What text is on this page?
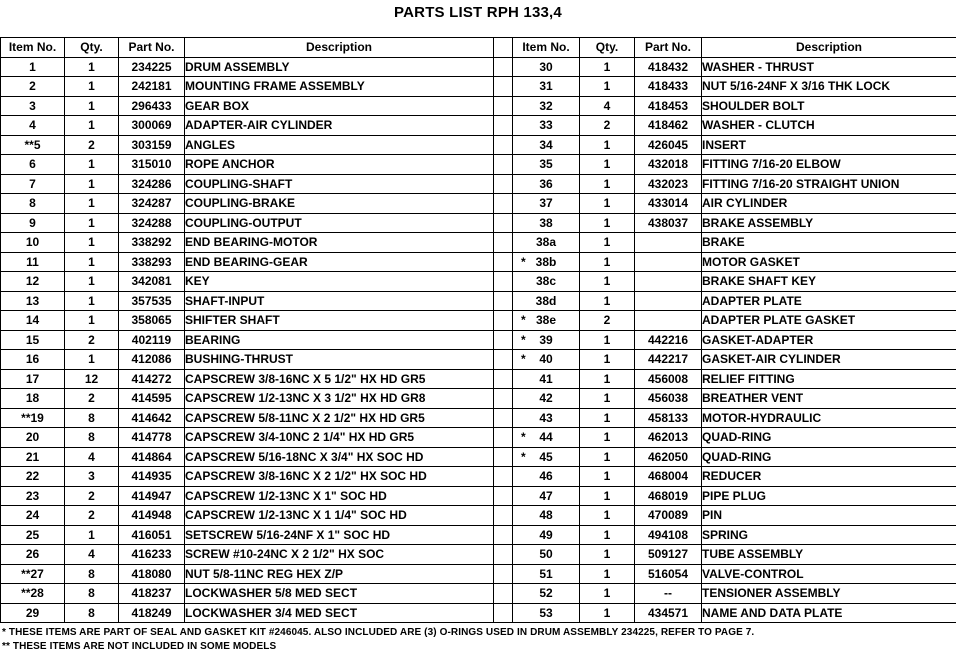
PARTS LIST RPH 133,4
Item No.	Qty.	Part No.	Description		Item No.	Qty.	Part No.	Description
1	1	234225	DRUM ASSEMBLY		30	1	418432	WASHER - THRUST
2	1	242181	MOUNTING FRAME ASSEMBLY		31	1	418433	NUT 5/16-24NF X 3/16 THK LOCK
3	1	296433	GEAR BOX		32	4	418453	SHOULDER BOLT
4	1	300069	ADAPTER-AIR CYLINDER		33	2	418462	WASHER - CLUTCH
**5	2	303159	ANGLES		34	1	426045	INSERT
6	1	315010	ROPE ANCHOR		35	1	432018	FITTING 7/16-20 ELBOW
7	1	324286	COUPLING-SHAFT		36	1	432023	FITTING 7/16-20 STRAIGHT UNION
8	1	324287	COUPLING-BRAKE		37	1	433014	AIR CYLINDER
9	1	324288	COUPLING-OUTPUT		38	1	438037	BRAKE ASSEMBLY
10	1	338292	END BEARING-MOTOR		38a	1		BRAKE
11	1	338293	END BEARING-GEAR		* 38b	1		MOTOR GASKET
12	1	342081	KEY		38c	1		BRAKE SHAFT KEY
13	1	357535	SHAFT-INPUT		38d	1		ADAPTER PLATE
14	1	358065	SHIFTER SHAFT		* 38e	2		ADAPTER PLATE GASKET
15	2	402119	BEARING		* 39	1	442216	GASKET-ADAPTER
16	1	412086	BUSHING-THRUST		* 40	1	442217	GASKET-AIR CYLINDER
17	12	414272	CAPSCREW 3/8-16NC X 5 1/2" HX HD GR5		41	1	456008	RELIEF FITTING
18	2	414595	CAPSCREW 1/2-13NC X 3 1/2" HX HD GR8		42	1	456038	BREATHER VENT
**19	8	414642	CAPSCREW 5/8-11NC X 2 1/2" HX HD GR5		43	1	458133	MOTOR-HYDRAULIC
20	8	414778	CAPSCREW 3/4-10NC 2 1/4" HX HD GR5		* 44	1	462013	QUAD-RING
21	4	414864	CAPSCREW 5/16-18NC X 3/4" HX SOC HD		* 45	1	462050	QUAD-RING
22	3	414935	CAPSCREW 3/8-16NC X 2 1/2" HX SOC HD		46	1	468004	REDUCER
23	2	414947	CAPSCREW 1/2-13NC X 1" SOC HD		47	1	468019	PIPE PLUG
24	2	414948	CAPSCREW 1/2-13NC X 1 1/4" SOC HD		48	1	470089	PIN
25	1	416051	SETSCREW 5/16-24NF X 1" SOC HD		49	1	494108	SPRING
26	4	416233	SCREW #10-24NC X 2 1/2" HX SOC		50	1	509127	TUBE ASSEMBLY
**27	8	418080	NUT 5/8-11NC REG HEX Z/P		51	1	516054	VALVE-CONTROL
**28	8	418237	LOCKWASHER 5/8 MED SECT		52	1	--	TENSIONER ASSEMBLY
29	8	418249	LOCKWASHER 3/4 MED SECT		53	1	434571	NAME AND DATA PLATE
* THESE ITEMS ARE PART OF SEAL AND GASKET KIT #246045. ALSO INCLUDED ARE (3) O-RINGS USED IN DRUM ASSEMBLY 234225, REFER TO PAGE 7.
** THESE ITEMS ARE NOT INCLUDED IN SOME MODELS
